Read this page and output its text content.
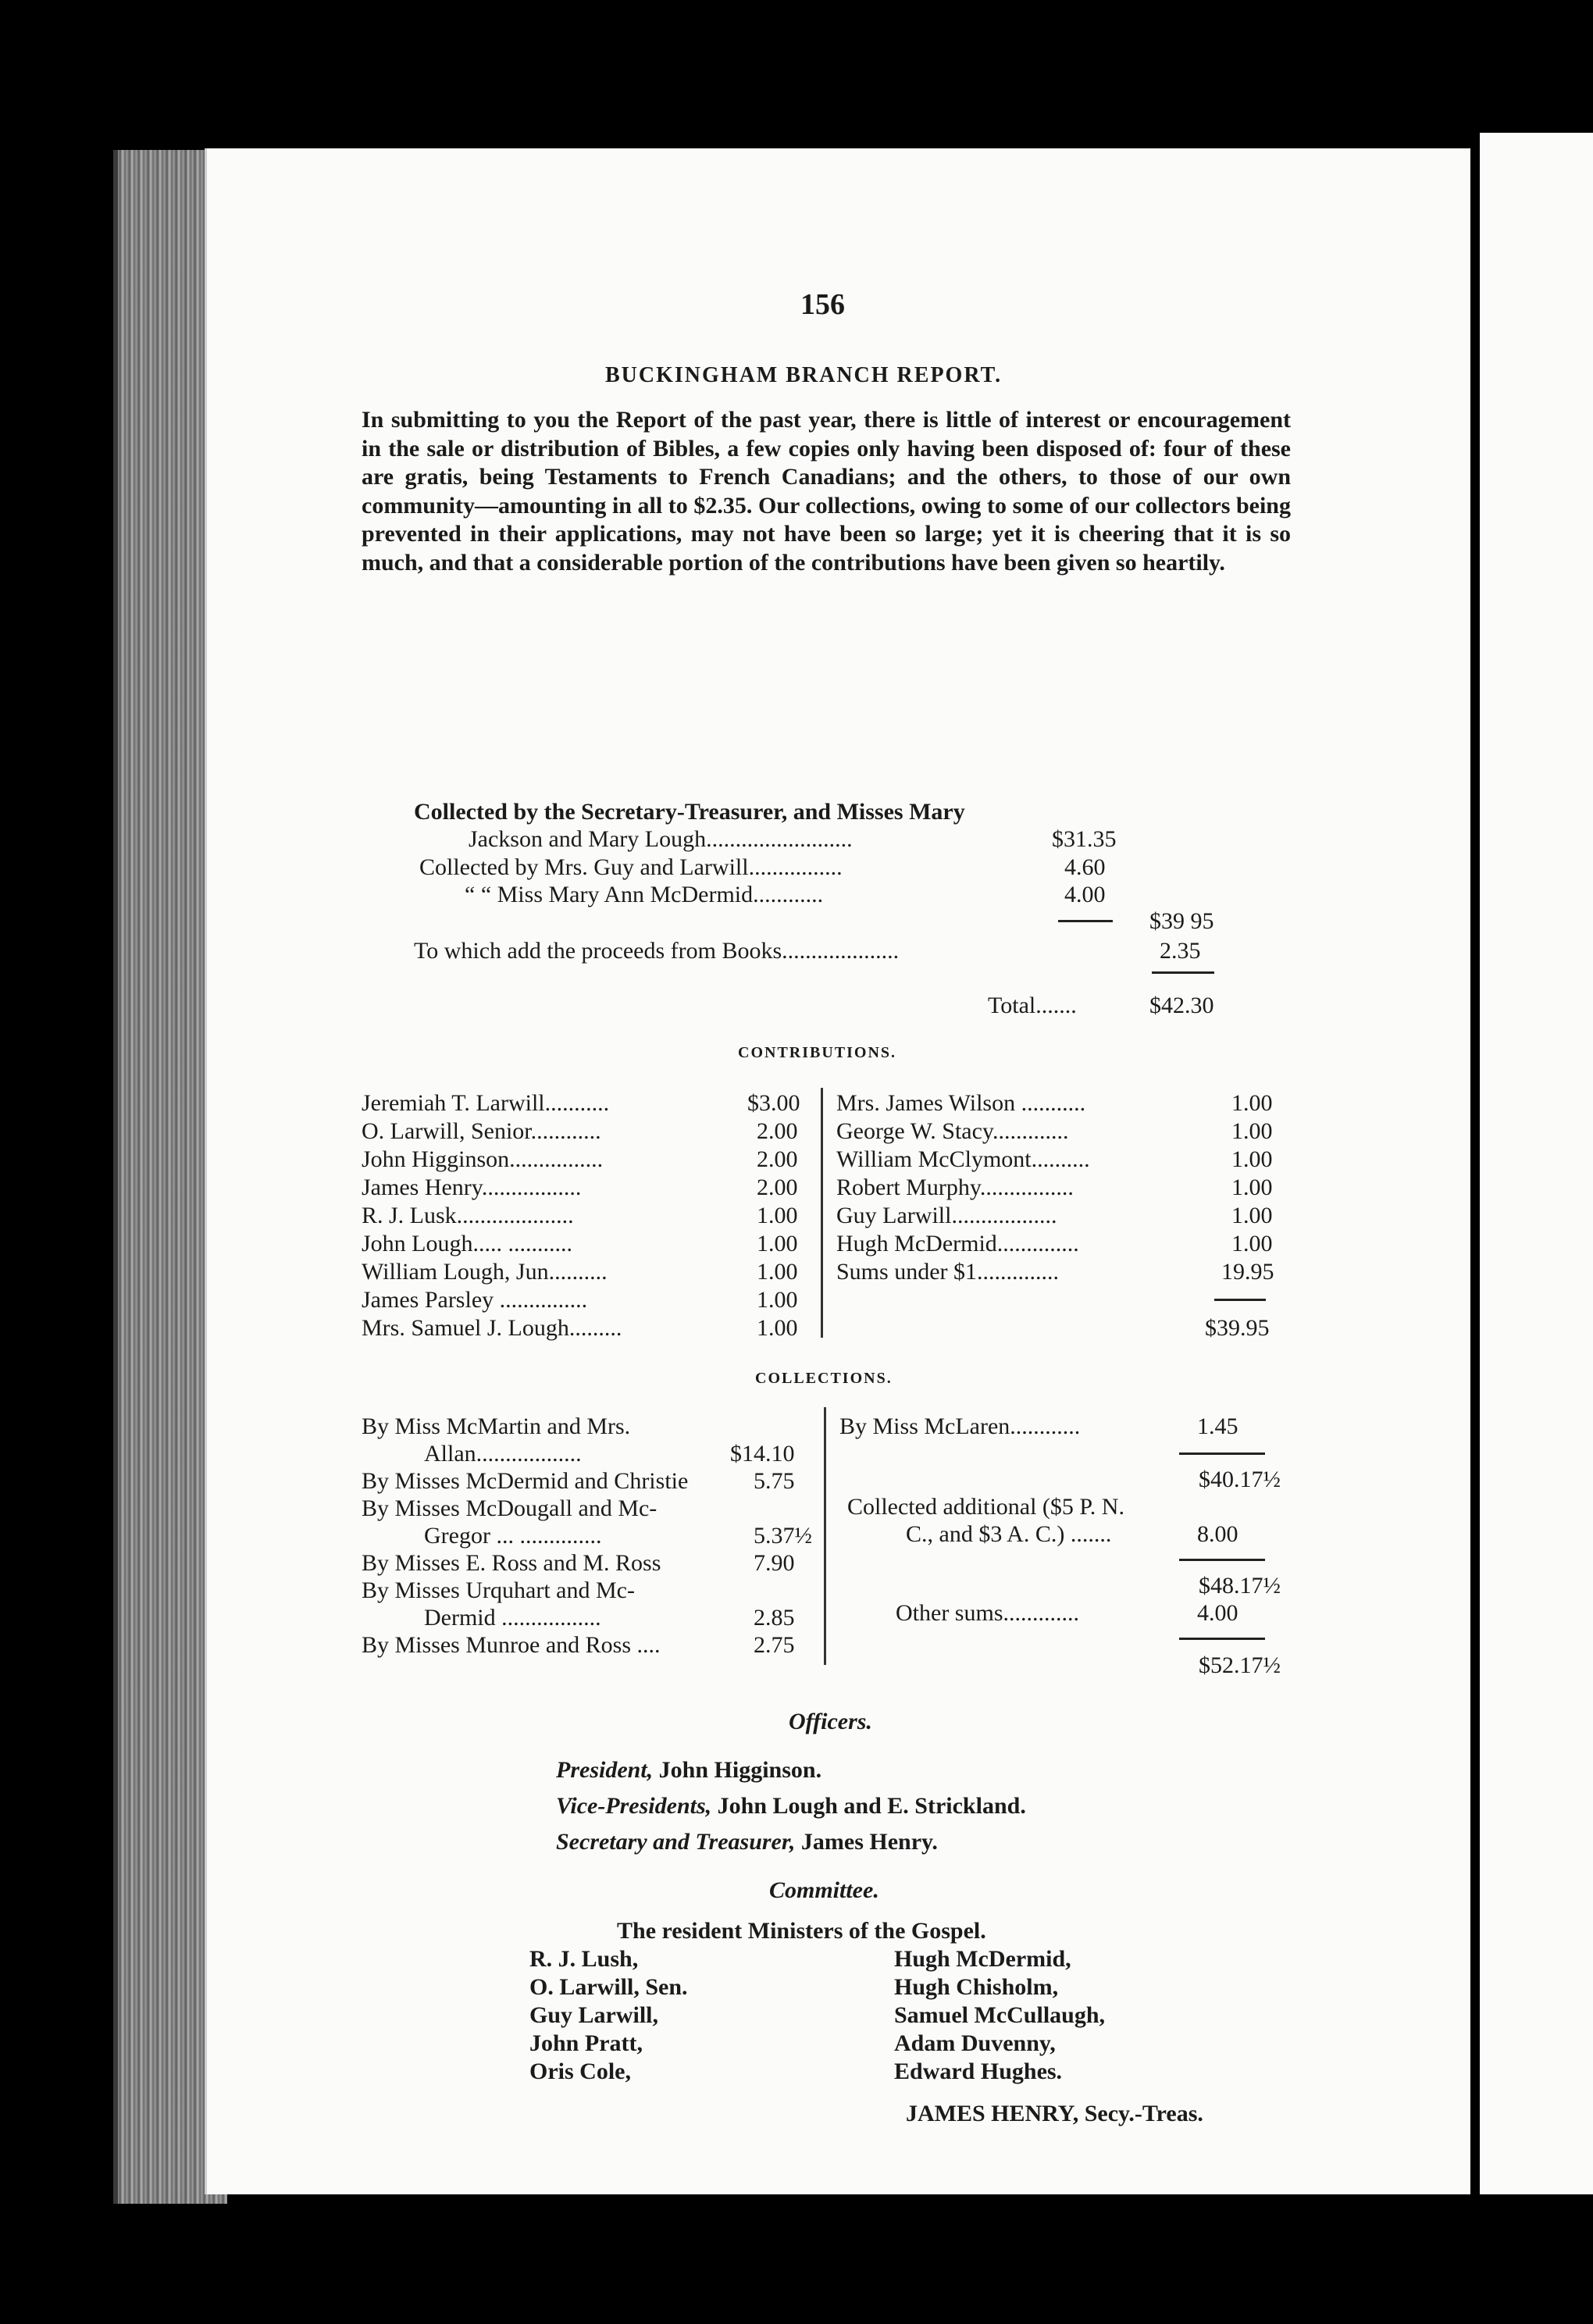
156
BUCKINGHAM BRANCH REPORT.

In submitting to you the Report of the past year, there is little of interest or encouragement in the sale or distribution of Bibles, a few copies only having been disposed of: four of these are gratis, being Testaments to French Canadians; and the others, to those of our own community—amounting in all to $2.35. Our collections, owing to some of our collectors being prevented in their applications, may not have been so large; yet it is cheering that it is so much, and that a considerable portion of the contributions have been given so heartily.

Collected by the Secretary-Treasurer, and Misses Mary
Jackson and Mary Lough.........................	$31.35
Collected by Mrs. Guy and Larwill................	4.60
“ “ Miss Mary Ann McDermid............	4.00
$39 95
To which add the proceeds from Books....................	2.35
Total.......	$42.30
CONTRIBUTIONS.
Jeremiah T. Larwill...........	$3.00
O. Larwill, Senior............	2.00
John Higginson................	2.00
James Henry.................	2.00
R. J. Lusk....................	1.00
John Lough..... ...........	1.00
William Lough, Jun..........	1.00
James Parsley ...............	1.00
Mrs. Samuel J. Lough.........	1.00
Mrs. James Wilson ...........	1.00
George W. Stacy.............	1.00
William McClymont..........	1.00
Robert Murphy................	1.00
Guy Larwill..................	1.00
Hugh McDermid..............	1.00
Sums under $1..............	19.95
$39.95
COLLECTIONS.
By Miss McMartin and Mrs.
Allan..................	$14.10
By Misses McDermid and Christie	5.75
By Misses McDougall and Mc-
Gregor ... ..............	5.37½
By Misses E. Ross and M. Ross	7.90
By Misses Urquhart and Mc-
Dermid .................	2.85
By Misses Munroe and Ross ....	2.75
By Miss McLaren............	1.45
$40.17½
Collected additional ($5 P. N.
C., and $3 A. C.) .......	8.00
$48.17½
Other sums.............	4.00
$52.17½
Officers.
President, John Higginson.
Vice-Presidents, John Lough and E. Strickland.
Secretary and Treasurer, James Henry.
Committee.
The resident Ministers of the Gospel.
R. J. Lush,
O. Larwill, Sen.
Guy Larwill,
John Pratt,
Oris Cole,
Hugh McDermid,
Hugh Chisholm,
Samuel McCullaugh,
Adam Duvenny,
Edward Hughes.
JAMES HENRY, Secy.-Treas.
